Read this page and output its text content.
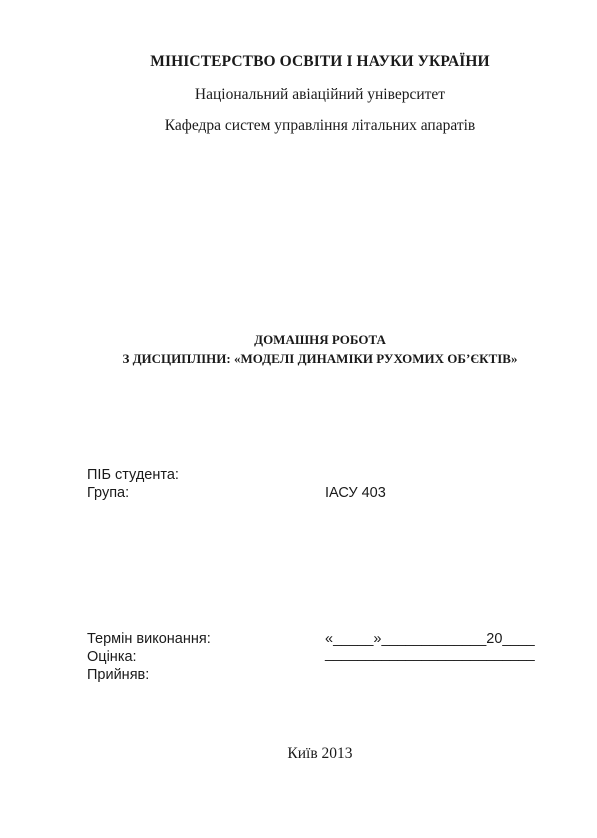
МІНІСТЕРСТВО ОСВІТИ І НАУКИ УКРАЇНИ
Національний авіаційний університет
Кафедра систем управління літальних апаратів
ДОМАШНЯ РОБОТА
З ДИСЦИПЛІНИ: «МОДЕЛІ ДИНАМІКИ РУХОМИХ ОБ’ЄКТІВ»
ПІБ студента:
Група:	ІАСУ 403
Термін виконання:	«_____»_____________20____
Оцінка:	__________________________
Прийняв:
Київ 2013
